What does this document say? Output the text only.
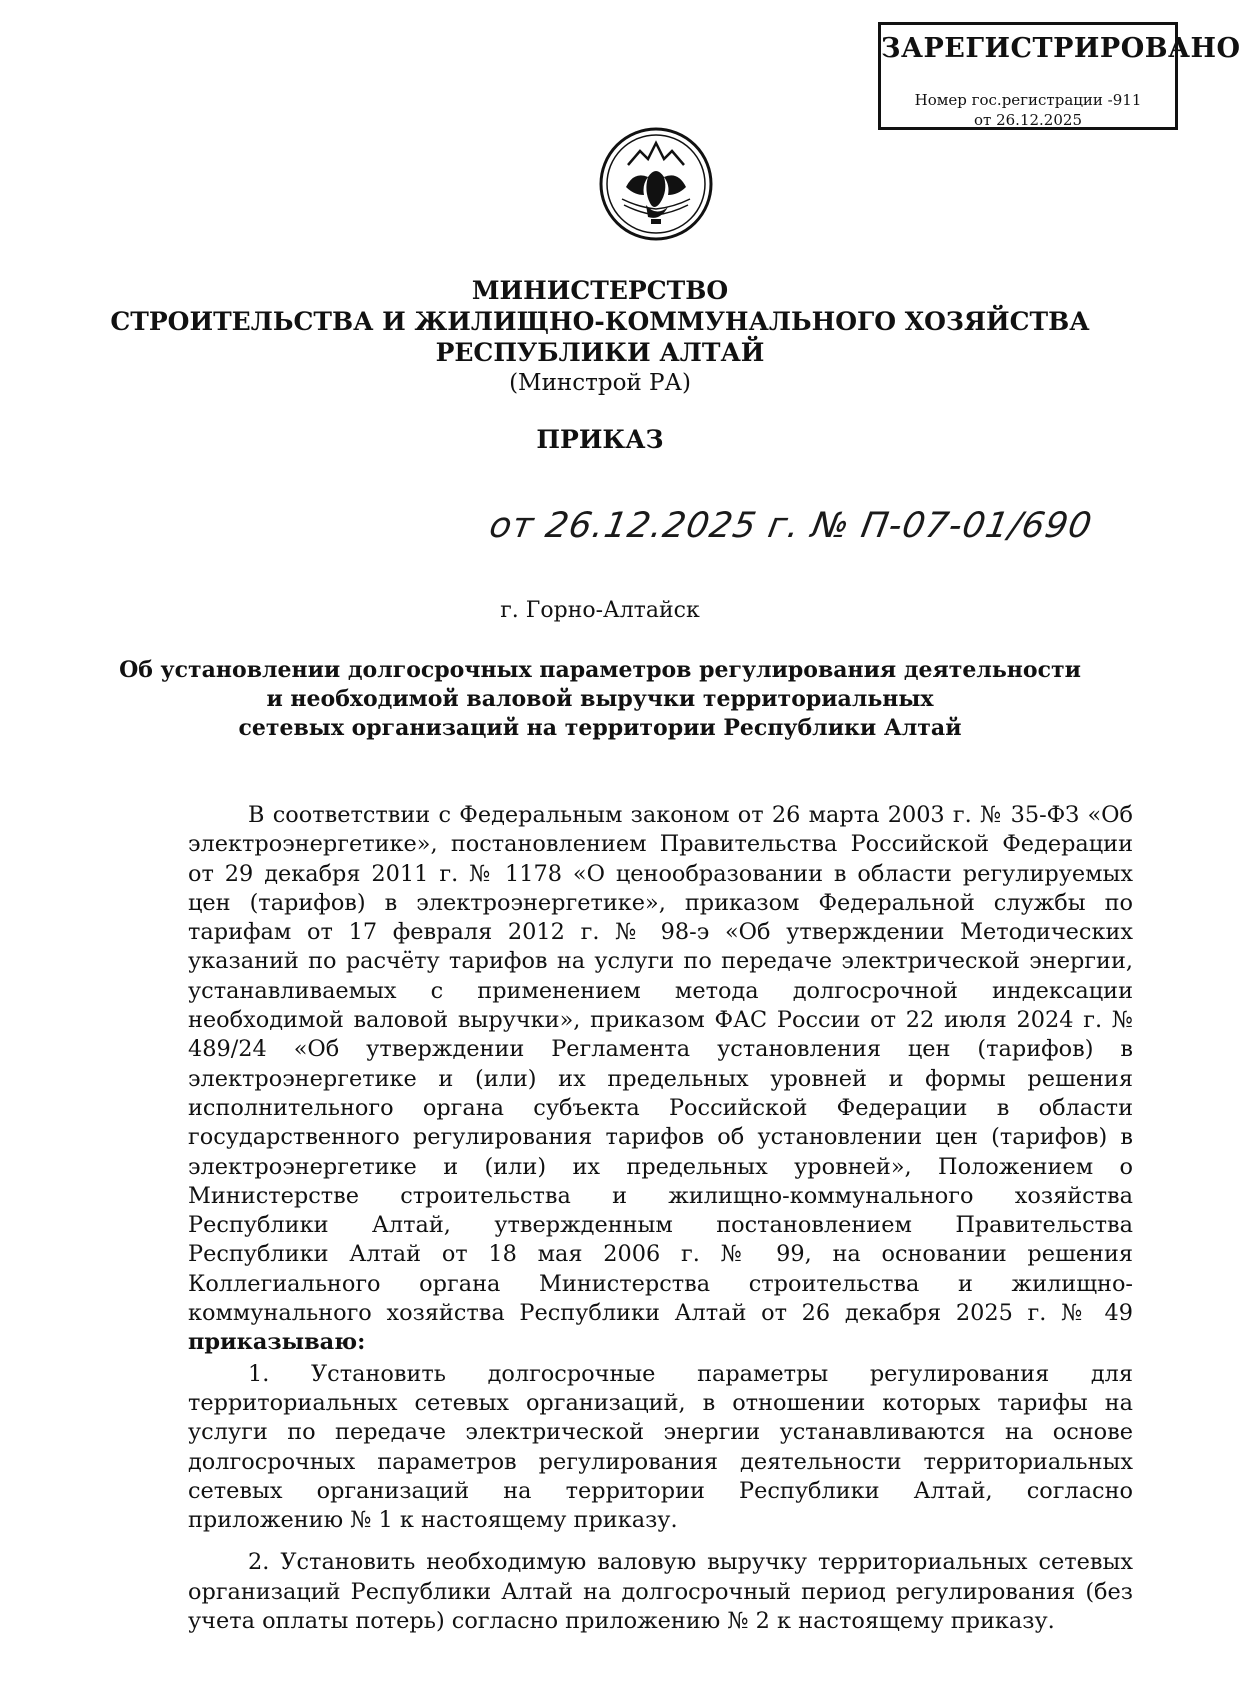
ЗАРЕГИСТРИРОВАНО
Номер гос.регистрации -911
от 26.12.2025
МИНИСТЕРСТВО
СТРОИТЕЛЬСТВА И ЖИЛИЩНО-КОММУНАЛЬНОГО ХОЗЯЙСТВА
РЕСПУБЛИКИ АЛТАЙ
(Минстрой РА)
ПРИКАЗ
от 26.12.2025 г. № П-07-01/690
г. Горно-Алтайск
Об установлении долгосрочных параметров регулирования деятельности
и необходимой валовой выручки территориальных
сетевых организаций на территории Республики Алтай

В соответствии с Федеральным законом от 26 марта 2003 г. № 35-ФЗ «Об электроэнергетике», постановлением Правительства Российской Федерации от 29 декабря 2011 г. № 1178 «О ценообразовании в области регулируемых цен (тарифов) в электроэнергетике», приказом Федеральной службы по тарифам от 17 февраля 2012 г. № 98-э «Об утверждении Методических указаний по расчёту тарифов на услуги по передаче электрической энергии, устанавливаемых с применением метода долгосрочной индексации необходимой валовой выручки», приказом ФАС России от 22 июля 2024 г. № 489/24 «Об утверждении Регламента установления цен (тарифов) в электроэнергетике и (или) их предельных уровней и формы решения исполнительного органа субъекта Российской Федерации в области государственного регулирования тарифов об установлении цен (тарифов) в электроэнергетике и (или) их предельных уровней», Положением о Министерстве строительства и жилищно-коммунального хозяйства Республики Алтай, утвержденным постановлением Правительства Республики Алтай от 18 мая 2006 г. № 99, на основании решения Коллегиального органа Министерства строительства и жилищно-коммунального хозяйства Республики Алтай от 26 декабря 2025 г. № 49 приказываю:

1. Установить долгосрочные параметры регулирования для территориальных сетевых организаций, в отношении которых тарифы на услуги по передаче электрической энергии устанавливаются на основе долгосрочных параметров регулирования деятельности территориальных сетевых организаций на территории Республики Алтай, согласно приложению № 1 к настоящему приказу.

2. Установить необходимую валовую выручку территориальных сетевых организаций Республики Алтай на долгосрочный период регулирования (без учета оплаты потерь) согласно приложению № 2 к настоящему приказу.
